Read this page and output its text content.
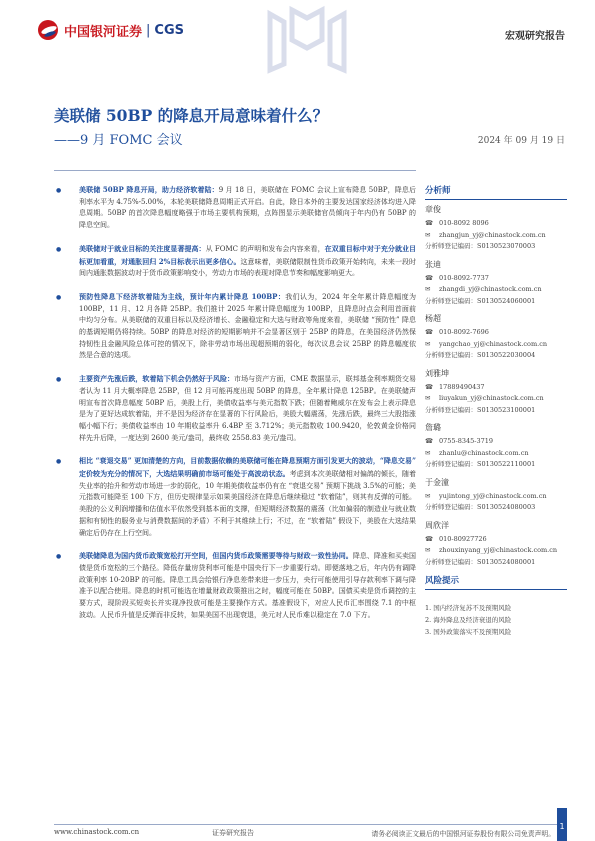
中国银河证券 | CGS	宏观研究报告
美联储 50BP 的降息开局意味着什么？
——9 月 FOMC 会议	2024 年 09 月 19 日

●	美联储 50BP 降息开局，助力经济软着陆：9 月 18 日，美联储在 FOMC 会议上宣布降息 50BP，降息后利率水平为 4.75%-5.00%，本轮美联储降息周期正式开启。自此，除日本外的主要发达国家经济体均进入降息周期。50BP 的首次降息幅度略强于市场主要机构预期，点阵图显示美联储官员倾向于年内仍有 50BP 的降息空间。

●	美联储对于就业目标的关注度显著提高：从 FOMC 的声明和发布会内容来看，在双重目标中对于充分就业目标更加看重，对通胀回归 2%目标表示出更多信心。这意味着，美联储限制性货币政策开始转向，未来一段时间内通胀数据波动对于货币政策影响变小，劳动力市场的表现对降息节奏和幅度影响更大。

●	预防性降息下经济软着陆为主线，预计年内累计降息 100BP：我们认为，2024 年全年累计降息幅度为 100BP，11 月、12 月各降 25BP。我们推计 2025 年累计降息幅度为 100BP，且降息时点会利用首面前中均匀分布。从美联储的双重目标以及经济增长、金融稳定和大选与财政等角度来看，美联储 “预防性” 降息的基调短期仍将持续。50BP 的降息对经济的短期影响并不会显著区别于 25BP 的降息，在美国经济仍然保持韧性且金融风险总体可控的情况下，除非劳动市场出现超预期的弱化，每次议息会议 25BP 的降息幅度依然是合意的选项。

●	主要资产先涨后跌，软着陆下机会仍然好于风险：市场与资产方面，CME 数据显示，联邦基金利率期货交易者认为 11 月大概率降息 25BP，但 12 月可能再度出现 50BP 的降息，全年累计降息 125BP。在美联储声明宣布首次降息幅度 50BP 后，美股上行，美债收益率与美元指数下跌；但随着鲍威尔在发布会上表示降息是为了更好达成软着陆，并不是因为经济存在显著的下行风险后，美股大幅震荡，先涨后跌，最终三大股指涨幅小幅下行；美债收益率由 10 年期收益率升 6.4BP 至 3.712%；美元指数收 100.9420，伦敦黄金价格同样先升后降，一度达到 2600 美元/盎司，最终收 2558.83 美元/盎司。

●	相比 “衰退交易” 更加清楚的方向，目前数据依赖的美联储可能在降息预期方面引发更大的波动，“降息交易” 定价较为充分的情况下，大选结果明确前市场可能处于高波动状态。考虑到本次美联储相对偏鸽的倾长，随着失业率的抬升和劳动市场进一步的弱化，10 年期美债收益率仍有在 “衰退交易” 预期下挑战 3.5%的可能；美元指数可能降至 100 下方，但历史规律显示如果美国经济在降息后继续稳过 “软着陆”，则其有反弹的可能。美股的公义利润增播和估值水平依然受到基本面的支撑，但短期经济数据的震荡（比如偏弱的制造业与就业数据和有韧性的服务业与消费数据间的矛盾）不利于其维续上行；不过，在 “软着陆” 假设下，美股在大选结果确定后仍存在上行空间。

●	美联储降息为国内货币政策宽松打开空间，但国内货币政策需要等待与财政一致性协同。降息、降准和买卖国债是货币宽松的三个路径。降低存量房贷利率可能是中国央行下一步重要行动。即便落地之后，年内仍有调降政策利率 10-20BP 的可能。降息工具会给银行净息差带来进一步压力，央行可能使用引导存款利率下调与降准予以配合使用。降息的时机可能选在增量财政政策推出之时，幅度可能在 50BP。国债买卖是货币调控的主要方式，现阶段买短卖长并实现净投放可能是主要操作方式。基准假设下，对应人民币汇率围绕 7.1 的中枢波动。人民币升值是反弹而非反转，如果美国不出现衰退，美元对人民币难以稳定在 7.0 下方。

分析师
章俊
☎ 010-8092 8096
✉ zhangjun_yj@chinastock.com.cn
分析师登记编码：S0130523070003
张迪
☎ 010-8092-7737
✉ zhangdi_yj@chinastock.com.cn
分析师登记编码：S0130524060001
杨超
☎ 010-8092-7696
✉ yangchao_yj@chinastock.com.cn
分析师登记编码：S0130522030004
刘雅坤
☎ 17889490437
✉ liuyakun_yj@chinastock.com.cn
分析师登记编码：S0130523100001
詹璐
☎ 0755-8345-3719
✉ zhanlu@chinastock.com.cn
分析师登记编码：S0130522110001
于金潼
✉ yujintong_yj@chinastock.com.cn
分析师登记编码：S0130524080003
周欣洋
☎ 010-80927726
✉ zhouxinyang_yj@chinastock.com.cn
分析师登记编码：S0130524080001
风险提示
1. 国内经济复苏不及预期风险
2. 海外降息及经济衰退的风险
3. 国外政策落实不及预期风险
www.chinastock.com.cn	证券研究报告	请务必阅读正文最后的中国银河证券股份有限公司免责声明。
1
